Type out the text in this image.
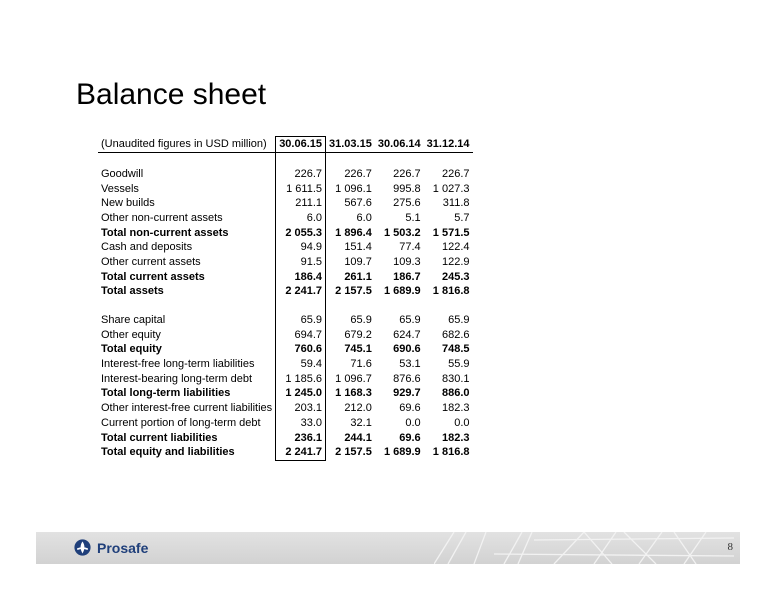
Balance sheet
(Unaudited figures in USD million)	30.06.15	31.03.15	30.06.14	31.12.14

Goodwill	226.7	226.7	226.7	226.7
Vessels	1 611.5	1 096.1	995.8	1 027.3
New builds	211.1	567.6	275.6	311.8
Other non-current assets	6.0	6.0	5.1	5.7
Total non-current assets	2 055.3	1 896.4	1 503.2	1 571.5
Cash and deposits	94.9	151.4	77.4	122.4
Other current assets	91.5	109.7	109.3	122.9
Total current assets	186.4	261.1	186.7	245.3
Total assets	2 241.7	2 157.5	1 689.9	1 816.8

Share capital	65.9	65.9	65.9	65.9
Other equity	694.7	679.2	624.7	682.6
Total equity	760.6	745.1	690.6	748.5
Interest-free long-term liabilities	59.4	71.6	53.1	55.9
Interest-bearing long-term debt	1 185.6	1 096.7	876.6	830.1
Total long-term liabilities	1 245.0	1 168.3	929.7	886.0
Other interest-free current liabilities	203.1	212.0	69.6	182.3
Current portion of long-term debt	33.0	32.1	0.0	0.0
Total current liabilities	236.1	244.1	69.6	182.3
Total equity and liabilities	2 241.7	2 157.5	1 689.9	1 816.8
Prosafe	8
